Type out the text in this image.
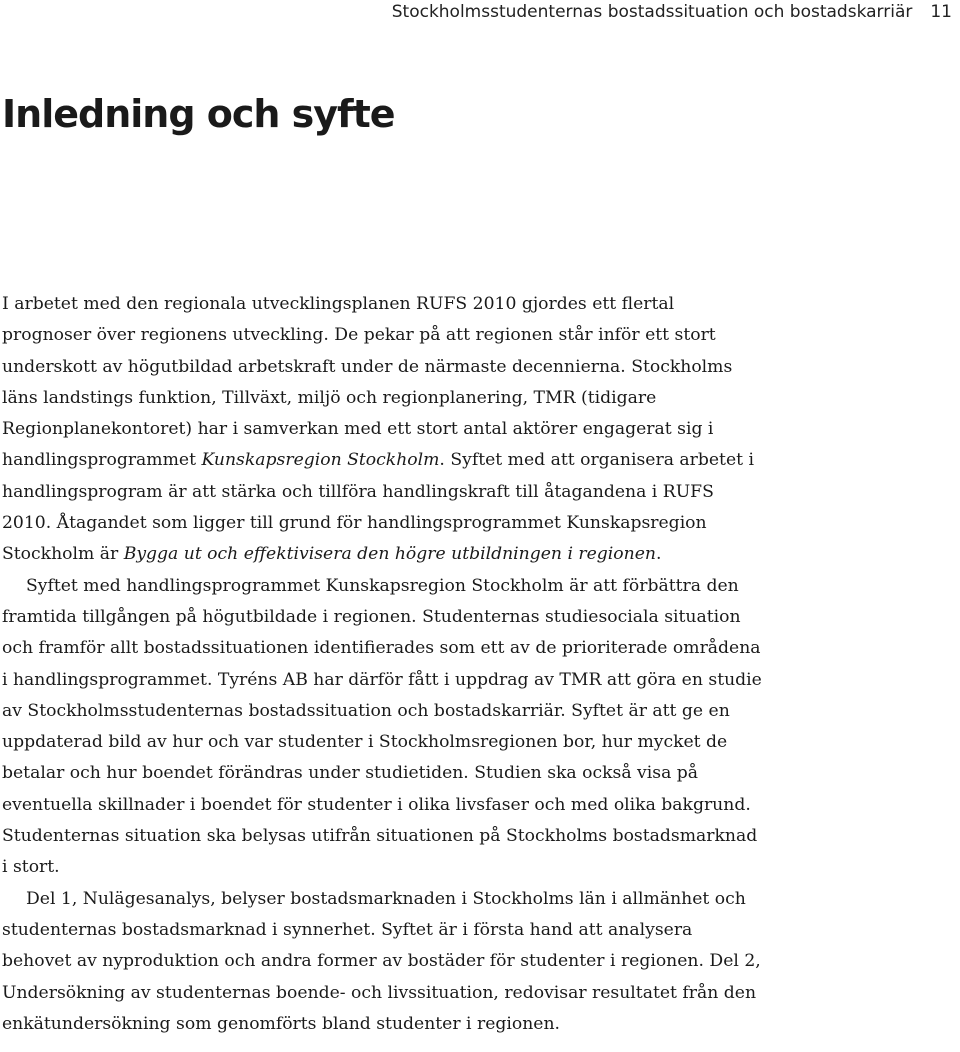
Stockholmsstudenternas bostadssituation och bostadskarriär 11
Inledning och syfte

I arbetet med den regionala utvecklingsplanen RUFS 2010 gjordes ett flertal prognoser över regionens utveckling. De pekar på att regionen står inför ett stort underskott av högutbildad arbetskraft under de närmaste decennierna. Stockholms läns landstings funktion, Tillväxt, miljö och regionplanering, TMR (tidigare Regionplanekontoret) har i samverkan med ett stort antal aktörer engagerat sig i handlingsprogrammet Kunskapsregion Stockholm. Syftet med att organisera arbetet i handlingsprogram är att stärka och tillföra handlingskraft till åtagandena i RUFS 2010. Åtagandet som ligger till grund för handlingsprogrammet Kunskapsregion Stockholm är Bygga ut och effektivisera den högre utbildningen i regionen.

Syftet med handlingsprogrammet Kunskapsregion Stockholm är att förbättra den framtida tillgången på högutbildade i regionen. Studenternas studiesociala situation och framför allt bostadssituationen identifierades som ett av de prioriterade områdena i handlingsprogrammet. Tyréns AB har därför fått i uppdrag av TMR att göra en studie av Stockholmsstudenternas bostadssituation och bostadskarriär. Syftet är att ge en uppdaterad bild av hur och var studenter i Stockholmsregionen bor, hur mycket de betalar och hur boendet förändras under studietiden. Studien ska också visa på eventuella skillnader i boendet för studenter i olika livsfaser och med olika bakgrund. Studenternas situation ska belysas utifrån situationen på Stockholms bostadsmarknad i stort.

Del 1, Nulägesanalys, belyser bostadsmarknaden i Stockholms län i allmänhet och studenternas bostadsmarknad i synnerhet. Syftet är i första hand att analysera behovet av nyproduktion och andra former av bostäder för studenter i regionen. Del 2, Undersökning av studenternas boende- och livssituation, redovisar resultatet från den enkätundersökning som genomförts bland studenter i regionen.
